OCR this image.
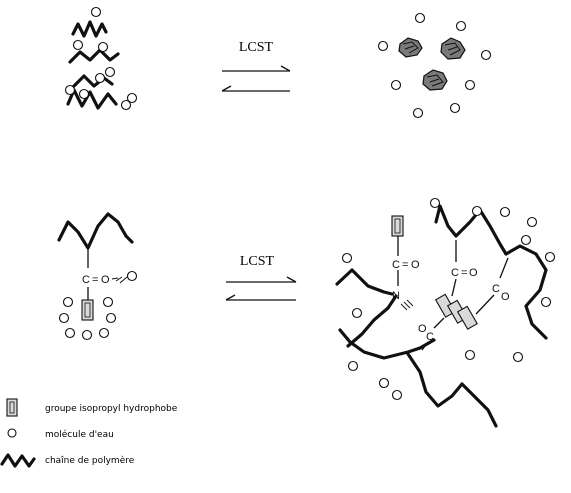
LCST
C = O
LCST	C = O
N
C
O
C = O
C
O
groupe isopropyl hydrophobe
molécule d'eau
chaîne de polymère
